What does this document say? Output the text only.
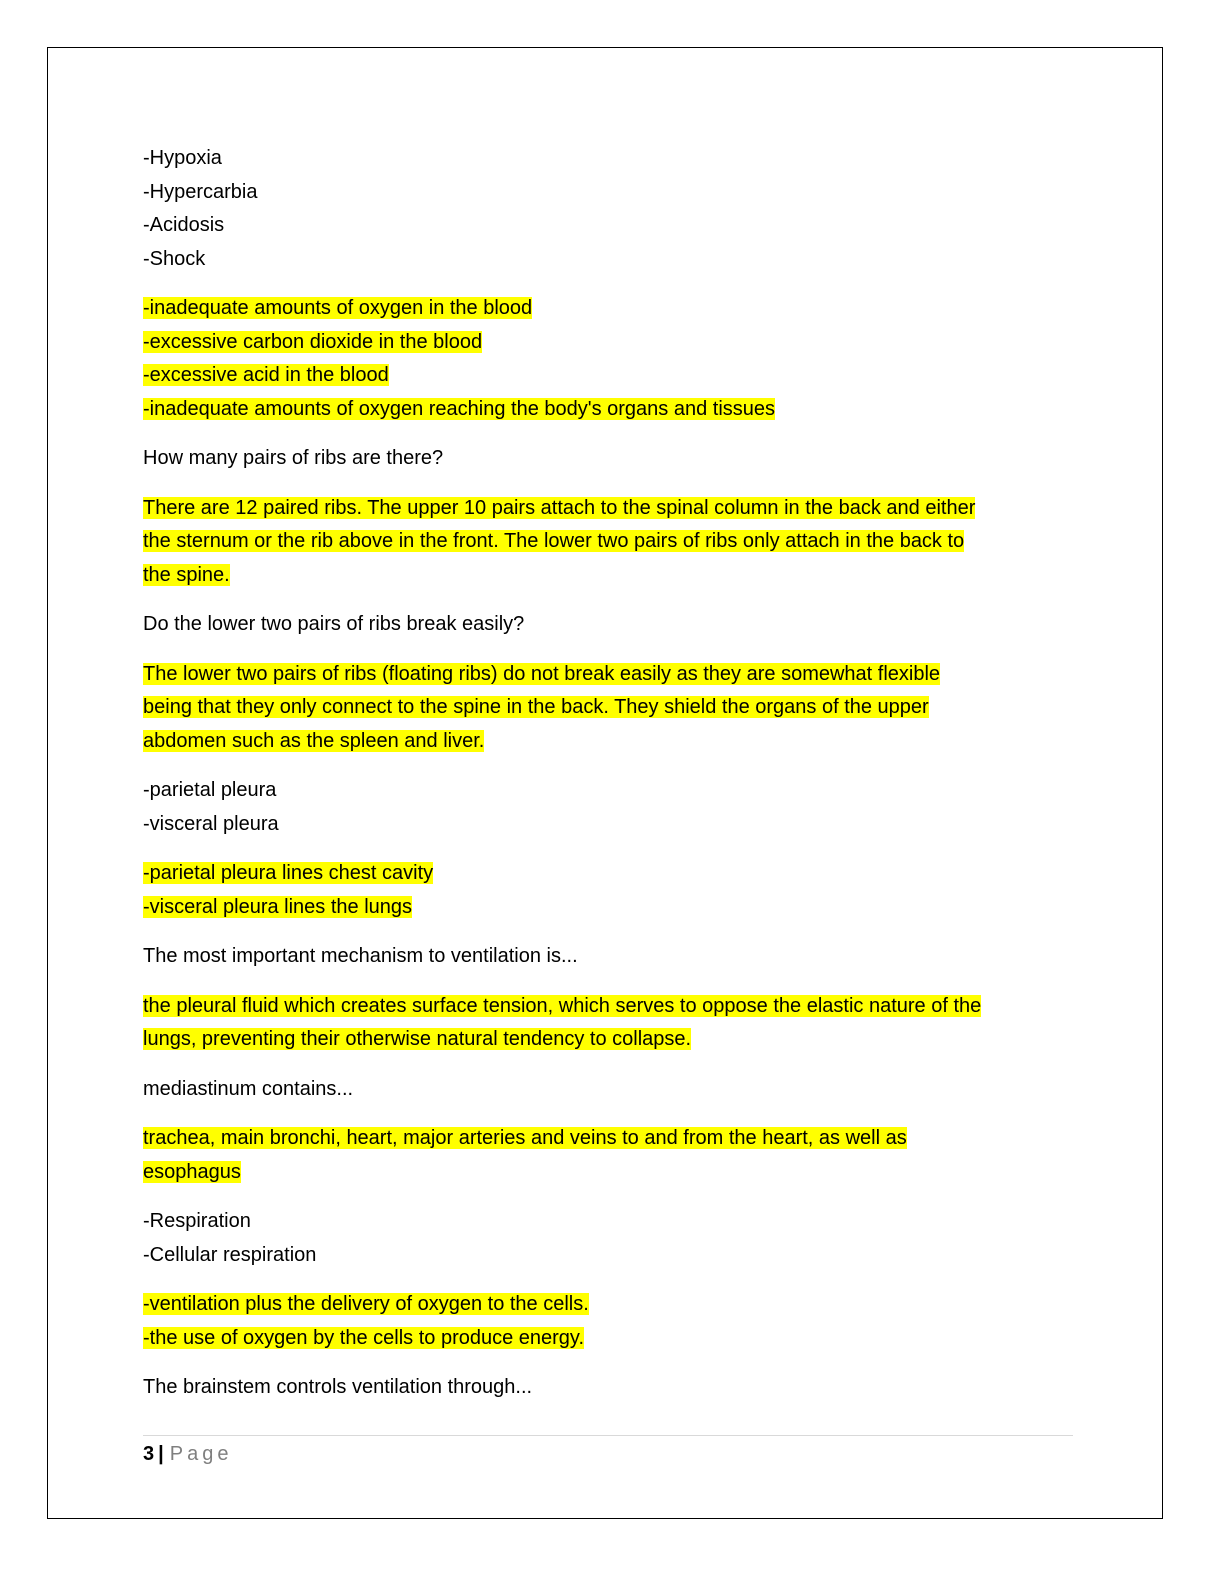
-Hypoxia
-Hypercarbia
-Acidosis
-Shock
-inadequate amounts of oxygen in the blood
-excessive carbon dioxide in the blood
-excessive acid in the blood
-inadequate amounts of oxygen reaching the body's organs and tissues
How many pairs of ribs are there?
There are 12 paired ribs. The upper 10 pairs attach to the spinal column in the back and either
the sternum or the rib above in the front. The lower two pairs of ribs only attach in the back to
the spine.
Do the lower two pairs of ribs break easily?
The lower two pairs of ribs (floating ribs) do not break easily as they are somewhat flexible
being that they only connect to the spine in the back. They shield the organs of the upper
abdomen such as the spleen and liver.
-parietal pleura
-visceral pleura
-parietal pleura lines chest cavity
-visceral pleura lines the lungs
The most important mechanism to ventilation is...
the pleural fluid which creates surface tension, which serves to oppose the elastic nature of the
lungs, preventing their otherwise natural tendency to collapse.
mediastinum contains...
trachea, main bronchi, heart, major arteries and veins to and from the heart, as well as
esophagus
-Respiration
-Cellular respiration
-ventilation plus the delivery of oxygen to the cells.
-the use of oxygen by the cells to produce energy.
The brainstem controls ventilation through...
3 | Page
